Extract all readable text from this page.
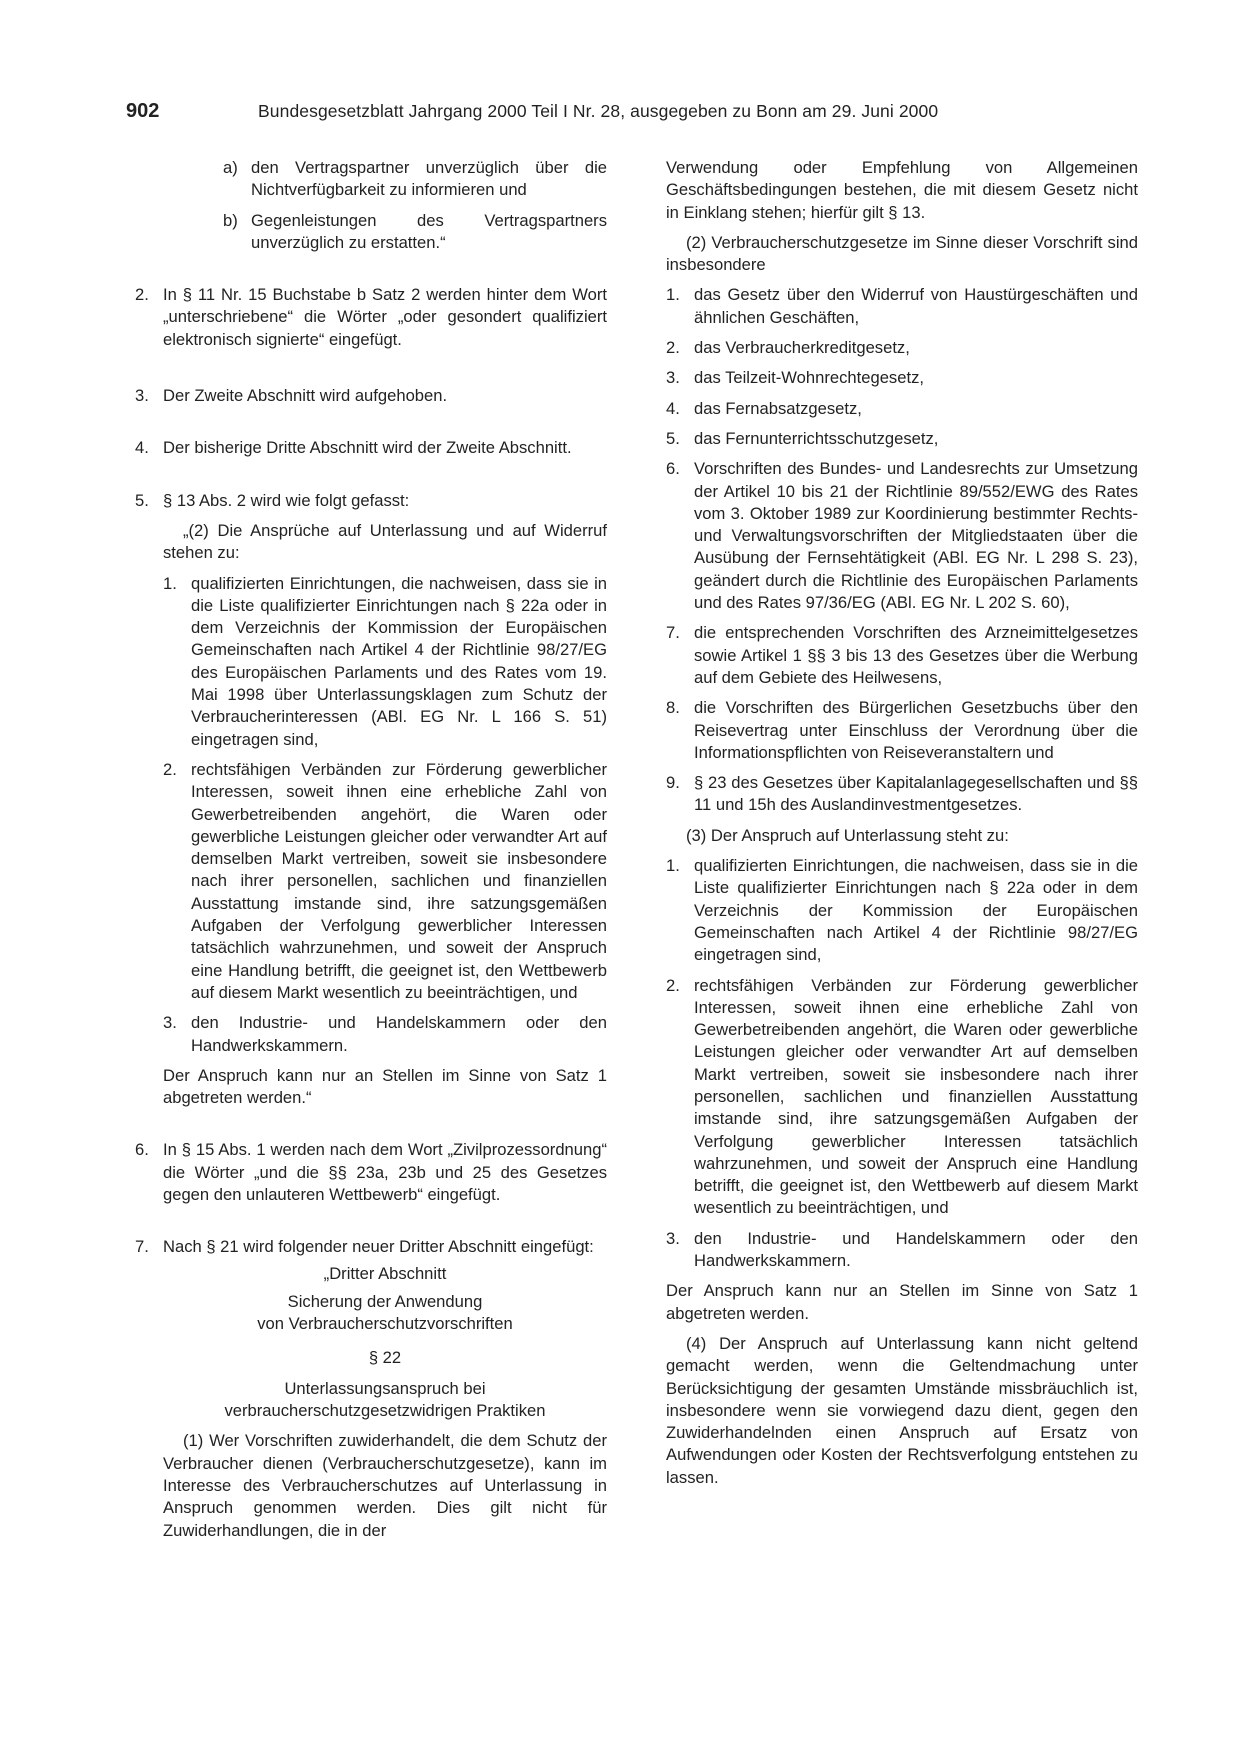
902	Bundesgesetzblatt Jahrgang 2000 Teil I Nr. 28, ausgegeben zu Bonn am 29. Juni 2000
a) den Vertragspartner unverzüglich über die Nichtverfügbarkeit zu informieren und
b) Gegenleistungen des Vertragspartners unverzüglich zu erstatten.“
2. In § 11 Nr. 15 Buchstabe b Satz 2 werden hinter dem Wort „unterschriebene“ die Wörter „oder gesondert qualifiziert elektronisch signierte“ eingefügt.
3. Der Zweite Abschnitt wird aufgehoben.
4. Der bisherige Dritte Abschnitt wird der Zweite Abschnitt.
5. § 13 Abs. 2 wird wie folgt gefasst:
„(2) Die Ansprüche auf Unterlassung und auf Widerruf stehen zu:
1. qualifizierten Einrichtungen, die nachweisen, dass sie in die Liste qualifizierter Einrichtungen nach § 22a oder in dem Verzeichnis der Kommission der Europäischen Gemeinschaften nach Artikel 4 der Richtlinie 98/27/EG des Europäischen Parlaments und des Rates vom 19. Mai 1998 über Unterlassungsklagen zum Schutz der Verbraucherinteressen (ABl. EG Nr. L 166 S. 51) eingetragen sind,
2. rechtsfähigen Verbänden zur Förderung gewerblicher Interessen, soweit ihnen eine erhebliche Zahl von Gewerbetreibenden angehört, die Waren oder gewerbliche Leistungen gleicher oder verwandter Art auf demselben Markt vertreiben, soweit sie insbesondere nach ihrer personellen, sachlichen und finanziellen Ausstattung imstande sind, ihre satzungsgemäßen Aufgaben der Verfolgung gewerblicher Interessen tatsächlich wahrzunehmen, und soweit der Anspruch eine Handlung betrifft, die geeignet ist, den Wettbewerb auf diesem Markt wesentlich zu beeinträchtigen, und
3. den Industrie- und Handelskammern oder den Handwerkskammern.
Der Anspruch kann nur an Stellen im Sinne von Satz 1 abgetreten werden.“
6. In § 15 Abs. 1 werden nach dem Wort „Zivilprozessordnung“ die Wörter „und die §§ 23a, 23b und 25 des Gesetzes gegen den unlauteren Wettbewerb“ eingefügt.
7. Nach § 21 wird folgender neuer Dritter Abschnitt eingefügt:
„Dritter Abschnitt
Sicherung der Anwendung
von Verbraucherschutzvorschriften
§ 22
Unterlassungsanspruch bei
verbraucherschutzgesetzwidrigen Praktiken
(1) Wer Vorschriften zuwiderhandelt, die dem Schutz der Verbraucher dienen (Verbraucherschutzgesetze), kann im Interesse des Verbraucherschutzes auf Unterlassung in Anspruch genommen werden. Dies gilt nicht für Zuwiderhandlungen, die in der
Verwendung oder Empfehlung von Allgemeinen Geschäftsbedingungen bestehen, die mit diesem Gesetz nicht in Einklang stehen; hierfür gilt § 13.
(2) Verbraucherschutzgesetze im Sinne dieser Vorschrift sind insbesondere
1. das Gesetz über den Widerruf von Haustürgeschäften und ähnlichen Geschäften,
2. das Verbraucherkreditgesetz,
3. das Teilzeit-Wohnrechtegesetz,
4. das Fernabsatzgesetz,
5. das Fernunterrichtsschutzgesetz,
6. Vorschriften des Bundes- und Landesrechts zur Umsetzung der Artikel 10 bis 21 der Richtlinie 89/552/EWG des Rates vom 3. Oktober 1989 zur Koordinierung bestimmter Rechts- und Verwaltungsvorschriften der Mitgliedstaaten über die Ausübung der Fernsehtätigkeit (ABl. EG Nr. L 298 S. 23), geändert durch die Richtlinie des Europäischen Parlaments und des Rates 97/36/EG (ABl. EG Nr. L 202 S. 60),
7. die entsprechenden Vorschriften des Arzneimittelgesetzes sowie Artikel 1 §§ 3 bis 13 des Gesetzes über die Werbung auf dem Gebiete des Heilwesens,
8. die Vorschriften des Bürgerlichen Gesetzbuchs über den Reisevertrag unter Einschluss der Verordnung über die Informationspflichten von Reiseveranstaltern und
9. § 23 des Gesetzes über Kapitalanlagegesellschaften und §§ 11 und 15h des Auslandinvestmentgesetzes.
(3) Der Anspruch auf Unterlassung steht zu:
1. qualifizierten Einrichtungen, die nachweisen, dass sie in die Liste qualifizierter Einrichtungen nach § 22a oder in dem Verzeichnis der Kommission der Europäischen Gemeinschaften nach Artikel 4 der Richtlinie 98/27/EG eingetragen sind,
2. rechtsfähigen Verbänden zur Förderung gewerblicher Interessen, soweit ihnen eine erhebliche Zahl von Gewerbetreibenden angehört, die Waren oder gewerbliche Leistungen gleicher oder verwandter Art auf demselben Markt vertreiben, soweit sie insbesondere nach ihrer personellen, sachlichen und finanziellen Ausstattung imstande sind, ihre satzungsgemäßen Aufgaben der Verfolgung gewerblicher Interessen tatsächlich wahrzunehmen, und soweit der Anspruch eine Handlung betrifft, die geeignet ist, den Wettbewerb auf diesem Markt wesentlich zu beeinträchtigen, und
3. den Industrie- und Handelskammern oder den Handwerkskammern.
Der Anspruch kann nur an Stellen im Sinne von Satz 1 abgetreten werden.
(4) Der Anspruch auf Unterlassung kann nicht geltend gemacht werden, wenn die Geltendmachung unter Berücksichtigung der gesamten Umstände missbräuchlich ist, insbesondere wenn sie vorwiegend dazu dient, gegen den Zuwiderhandelnden einen Anspruch auf Ersatz von Aufwendungen oder Kosten der Rechtsverfolgung entstehen zu lassen.
